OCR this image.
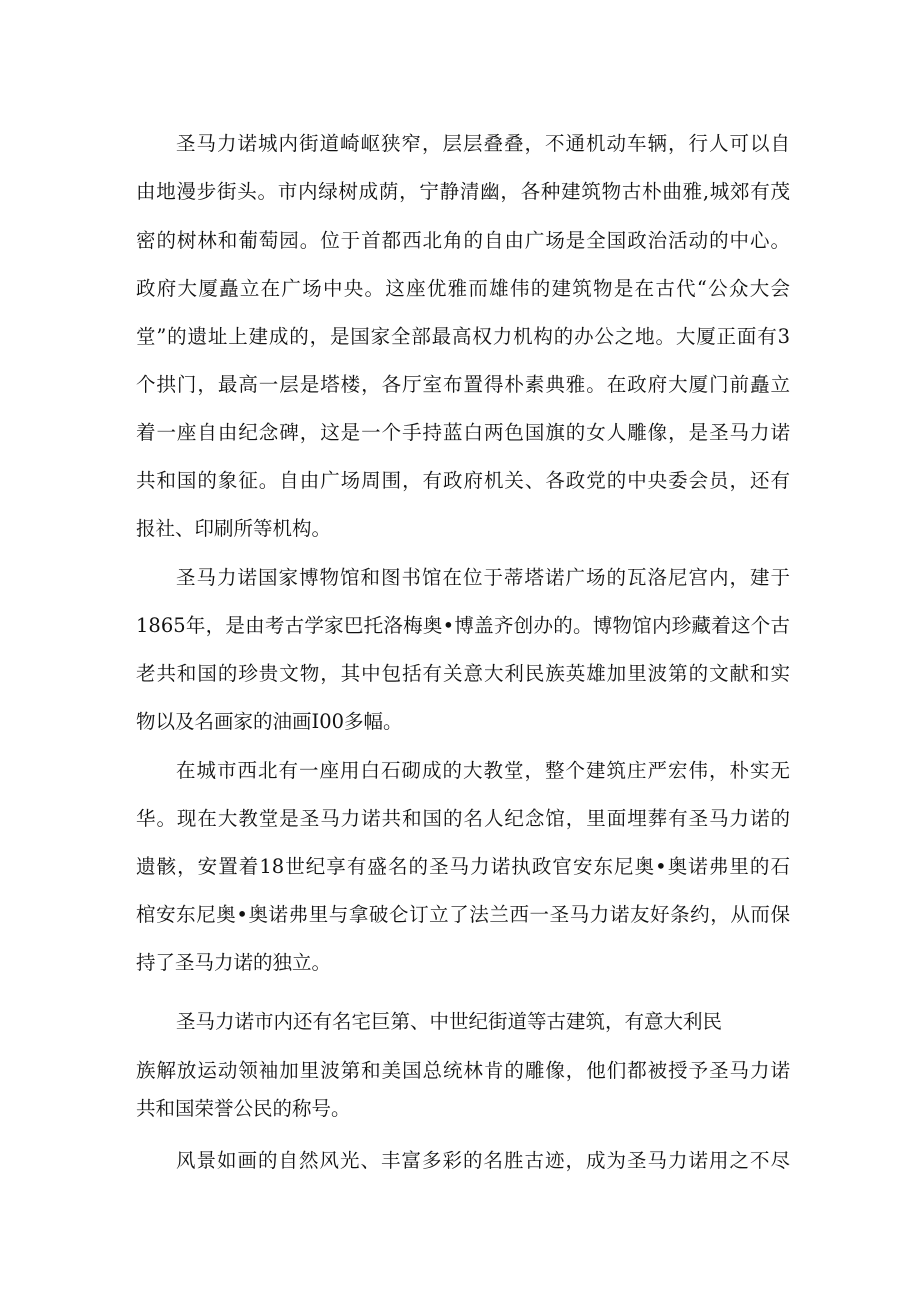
圣马力诺城内街道崎岖狭窄，层层叠叠，不通机动车辆，行人可以自
由地漫步街头。市内绿树成荫，宁静清幽，各种建筑物古朴曲雅,城郊有茂
密的树林和葡萄园。位于首都西北角的自由广场是全国政治活动的中心。
政府大厦矗立在广场中央。这座优雅而雄伟的建筑物是在古代“公众大会
堂”的遗址上建成的，是国家全部最高权力机构的办公之地。大厦正面有3
个拱门，最高一层是塔楼，各厅室布置得朴素典雅。在政府大厦门前矗立
着一座自由纪念碑，这是一个手持蓝白两色国旗的女人雕像，是圣马力诺
共和国的象征。自由广场周围，有政府机关、各政党的中央委会员，还有
报社、印刷所等机构。
圣马力诺国家博物馆和图书馆在位于蒂塔诺广场的瓦洛尼宫内，建于
1865年，是由考古学家巴托洛梅奥•博盖齐创办的。博物馆内珍藏着这个古
老共和国的珍贵文物，其中包括有关意大利民族英雄加里波第的文献和实
物以及名画家的油画I00多幅。
在城市西北有一座用白石砌成的大教堂，整个建筑庄严宏伟，朴实无
华。现在大教堂是圣马力诺共和国的名人纪念馆，里面埋葬有圣马力诺的
遗骸，安置着18世纪享有盛名的圣马力诺执政官安东尼奥•奥诺弗里的石
棺安东尼奥•奥诺弗里与拿破仑订立了法兰西一圣马力诺友好条约，从而保
持了圣马力诺的独立。
圣马力诺市内还有名宅巨第、中世纪街道等古建筑，有意大利民
族解放运动领袖加里波第和美国总统林肯的雕像，他们都被授予圣马力诺
共和国荣誉公民的称号。
风景如画的自然风光、丰富多彩的名胜古迹，成为圣马力诺用之不尽
